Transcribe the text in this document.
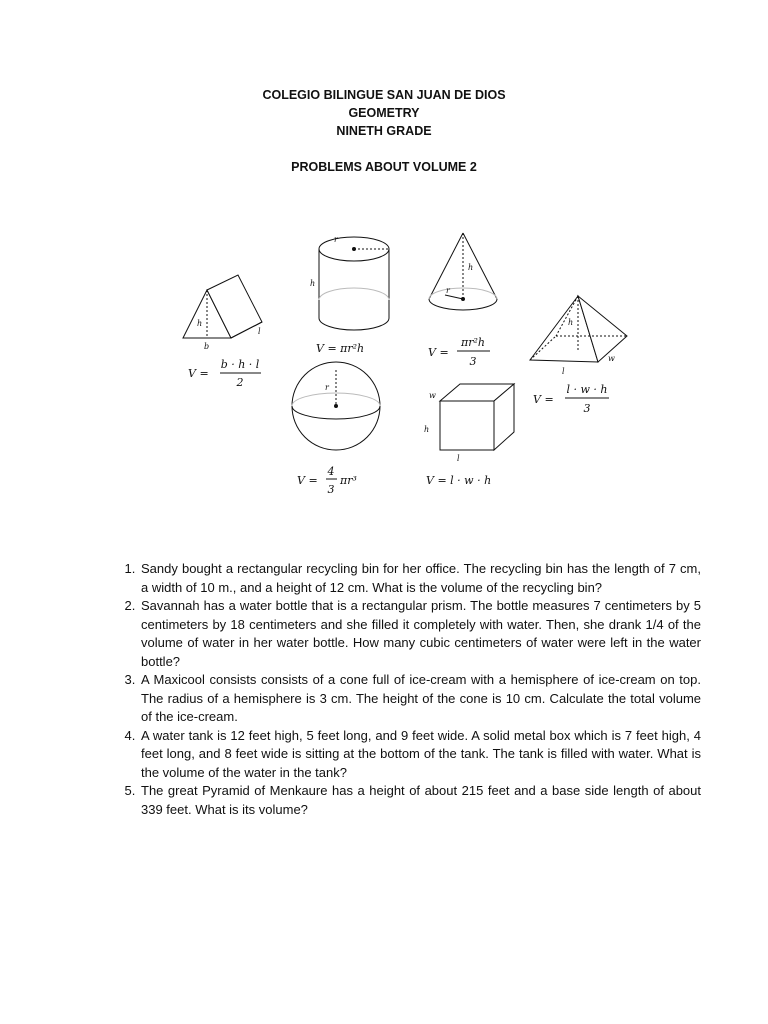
COLEGIO BILINGUE SAN JUAN DE DIOS
GEOMETRY
NINETH GRADE
PROBLEMS ABOUT VOLUME 2
h
b
l
V =
b · h · l
2
r
h
V = πr²h
h
r
V =
πr²h
3
h
w
l
V =
l · w · h
3
r
V =
4
3
πr³
w
h
l
V = l · w · h
1. Sandy bought a rectangular recycling bin for her office. The recycling bin has the length of 7 cm, a width of 10 m., and a height of 12 cm. What is the volume of the recycling bin?
2. Savannah has a water bottle that is a rectangular prism. The bottle measures 7 centimeters by 5 centimeters by 18 centimeters and she filled it completely with water. Then, she drank 1/4 of the volume of water in her water bottle. How many cubic centimeters of water were left in the water bottle?
3. A Maxicool consists consists of a cone full of ice-cream with a hemisphere of ice-cream on top. The radius of a hemisphere is 3 cm. The height of the cone is 10 cm. Calculate the total volume of the ice-cream.
4. A water tank is 12 feet high, 5 feet long, and 9 feet wide. A solid metal box which is 7 feet high, 4 feet long, and 8 feet wide is sitting at the bottom of the tank. The tank is filled with water. What is the volume of the water in the tank?
5. The great Pyramid of Menkaure has a height of about 215 feet and a base side length of about 339 feet. What is its volume?
